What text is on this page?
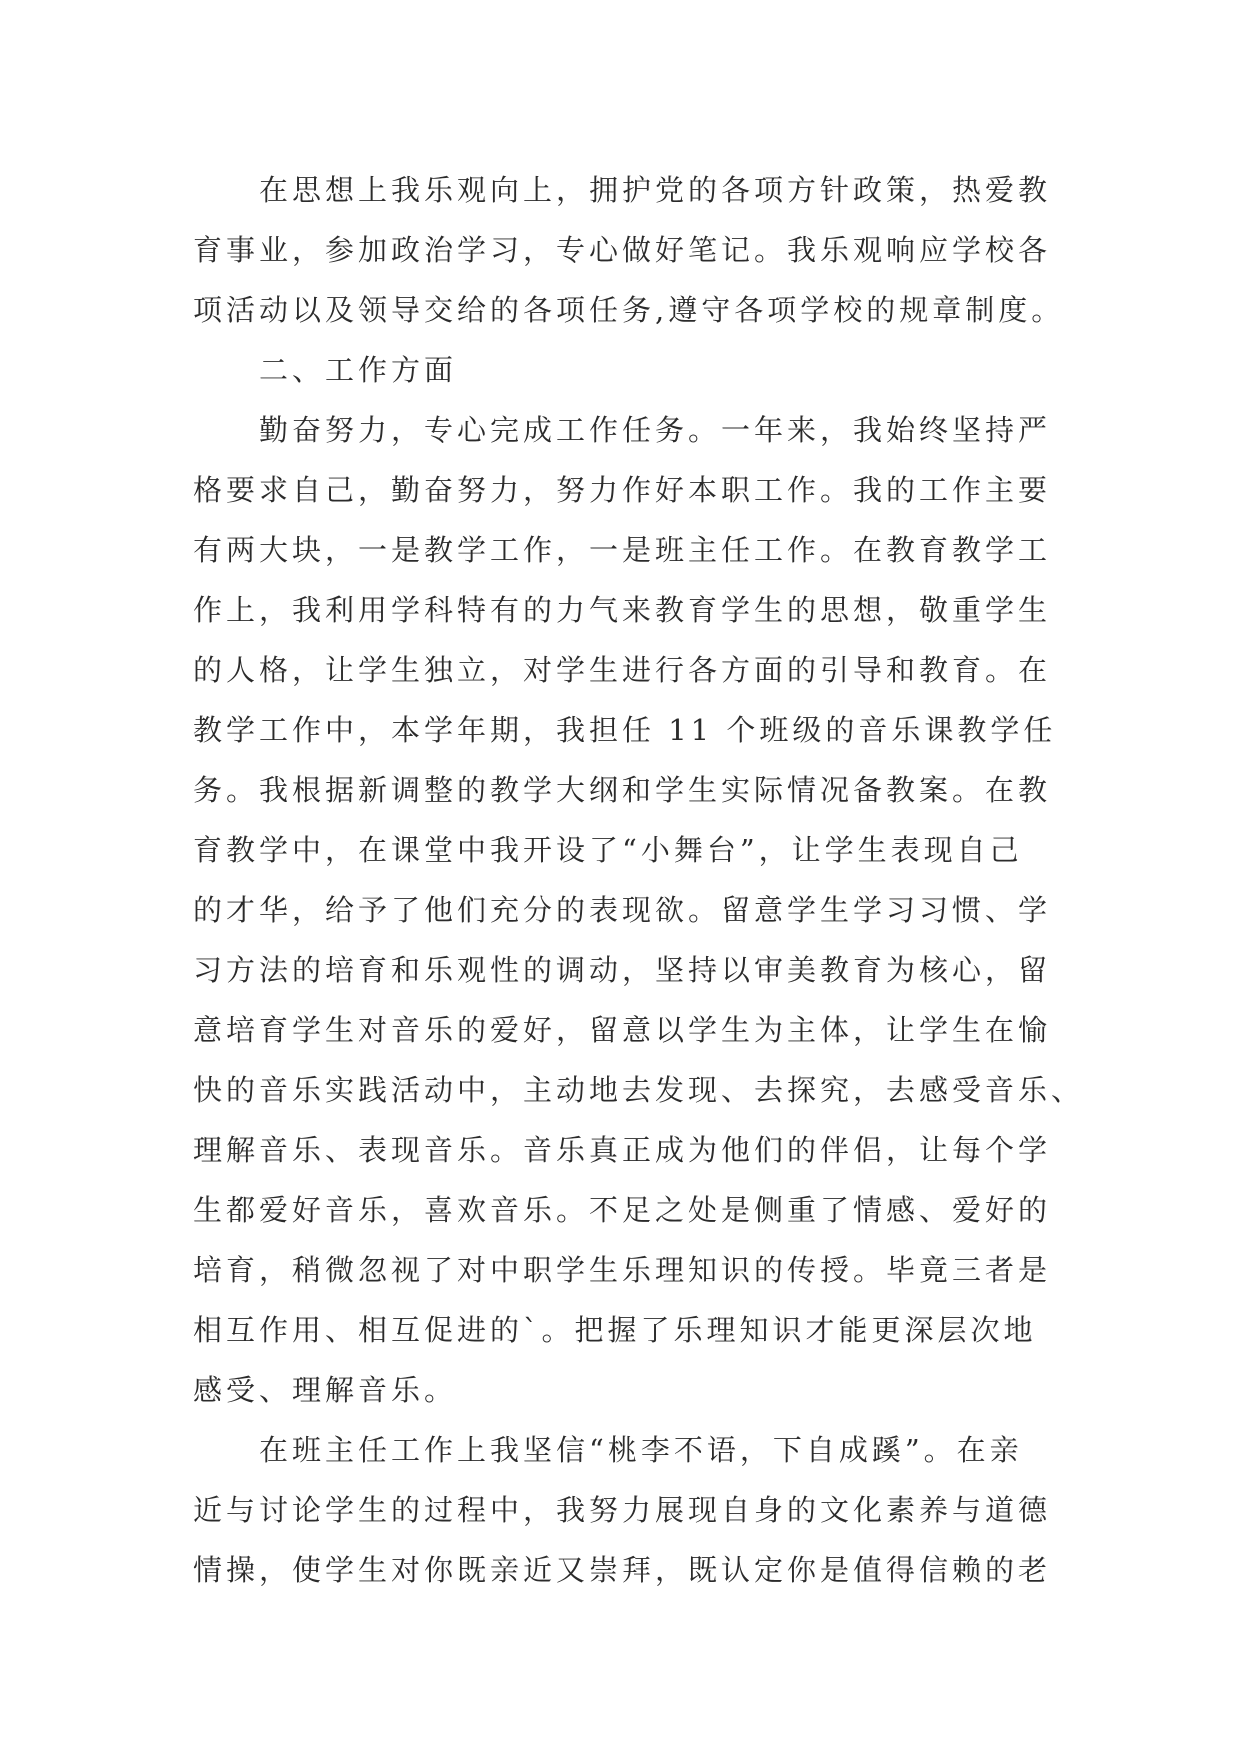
在思想上我乐观向上，拥护党的各项方针政策，热爱教
育事业，参加政治学习，专心做好笔记。我乐观响应学校各
项活动以及领导交给的各项任务,遵守各项学校的规章制度。
二、工作方面
勤奋努力，专心完成工作任务。一年来，我始终坚持严
格要求自己，勤奋努力，努力作好本职工作。我的工作主要
有两大块，一是教学工作，一是班主任工作。在教育教学工
作上，我利用学科特有的力气来教育学生的思想，敬重学生
的人格，让学生独立，对学生进行各方面的引导和教育。在
教学工作中，本学年期，我担任 11 个班级的音乐课教学任
务。我根据新调整的教学大纲和学生实际情况备教案。在教
育教学中，在课堂中我开设了“小舞台”，让学生表现自己
的才华，给予了他们充分的表现欲。留意学生学习习惯、学
习方法的培育和乐观性的调动，坚持以审美教育为核心，留
意培育学生对音乐的爱好，留意以学生为主体，让学生在愉
快的音乐实践活动中，主动地去发现、去探究，去感受音乐、
理解音乐、表现音乐。音乐真正成为他们的伴侣，让每个学
生都爱好音乐，喜欢音乐。不足之处是侧重了情感、爱好的
培育，稍微忽视了对中职学生乐理知识的传授。毕竟三者是
相互作用、相互促进的`。把握了乐理知识才能更深层次地
感受、理解音乐。
在班主任工作上我坚信“桃李不语，下自成蹊”。在亲
近与讨论学生的过程中，我努力展现自身的文化素养与道德
情操，使学生对你既亲近又崇拜，既认定你是值得信赖的老
